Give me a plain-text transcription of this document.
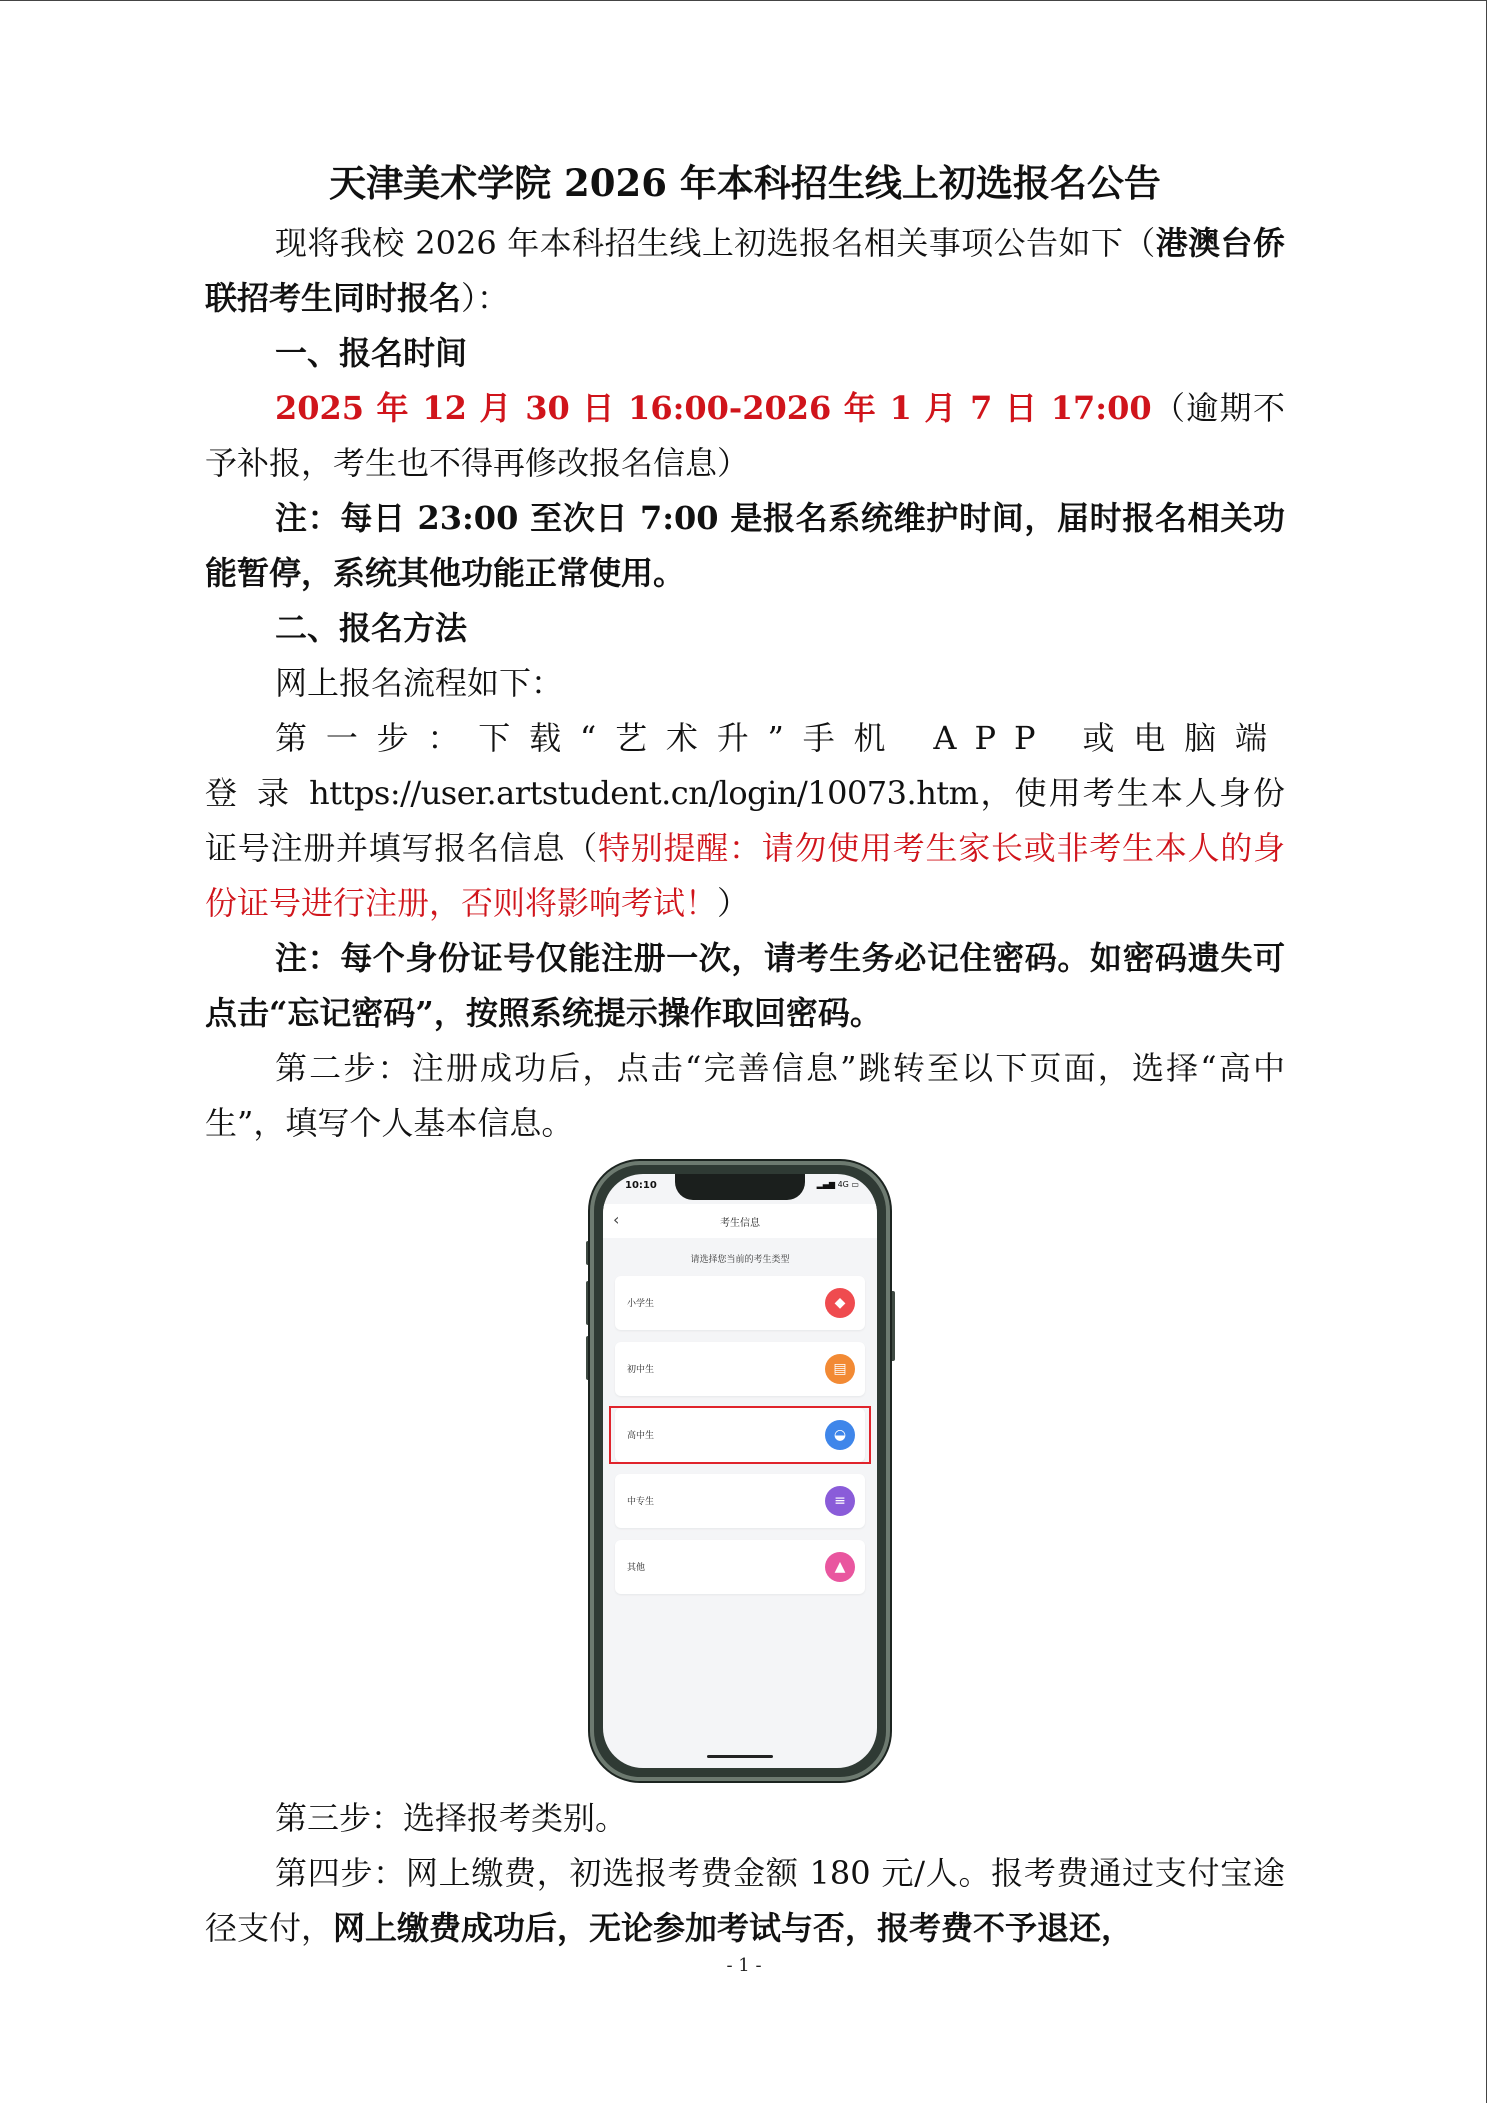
天津美术学院 2026 年本科招生线上初选报名公告

现将我校 2026 年本科招生线上初选报名相关事项公告如下（港澳台侨联招考生同时报名）：

一、报名时间

2025 年 12 月 30 日 16:00-2026 年 1 月 7 日 17:00（逾期不予补报，考生也不得再修改报名信息）

注：每日 23:00 至次日 7:00 是报名系统维护时间，届时报名相关功能暂停，系统其他功能正常使用。

二、报名方法

网上报名流程如下：

第一步：下载“艺术升”手机 APP 或电脑端登录https://user.artstudent.cn/login/10073.htm，使用考生本人身份证号注册并填写报名信息（特别提醒：请勿使用考生家长或非考生本人的身份证号进行注册，否则将影响考试！）

注：每个身份证号仅能注册一次，请考生务必记住密码。如密码遗失可点击“忘记密码”，按照系统提示操作取回密码。

第二步：注册成功后，点击“完善信息”跳转至以下页面，选择“高中生”，填写个人基本信息。

10:10	▂▄▆ 4G ▭
‹	考生信息
请选择您当前的考生类型
小学生	◆
初中生	▤
高中生	◒
中专生	≡
其他	▲

第三步：选择报考类别。

第四步：网上缴费，初选报考费金额 180 元/人。报考费通过支付宝途径支付，网上缴费成功后，无论参加考试与否，报考费不予退还，

- 1 -
